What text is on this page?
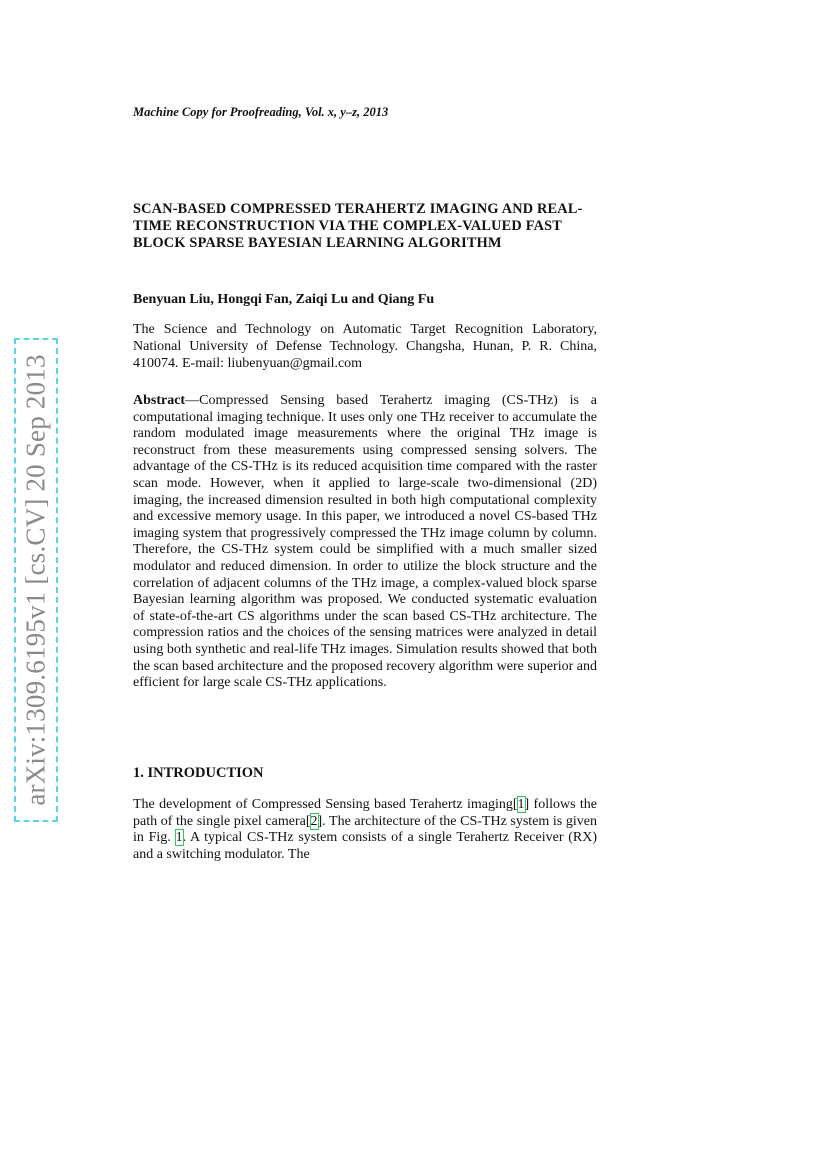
arXiv:1309.6195v1 [cs.CV] 20 Sep 2013
Machine Copy for Proofreading, Vol. x, y–z, 2013
SCAN-BASED COMPRESSED TERAHERTZ IMAGING AND REAL-TIME RECONSTRUCTION VIA THE COMPLEX-VALUED FAST BLOCK SPARSE BAYESIAN LEARNING ALGORITHM
Benyuan Liu, Hongqi Fan, Zaiqi Lu and Qiang Fu

The Science and Technology on Automatic Target Recognition Laboratory, National University of Defense Technology. Changsha, Hunan, P. R. China, 410074. E-mail: liubenyuan@gmail.com

Abstract—Compressed Sensing based Terahertz imaging (CS-THz) is a computational imaging technique. It uses only one THz receiver to accumulate the random modulated image measurements where the original THz image is reconstruct from these measurements using compressed sensing solvers. The advantage of the CS-THz is its reduced acquisition time compared with the raster scan mode. However, when it applied to large-scale two-dimensional (2D) imaging, the increased dimension resulted in both high computational complexity and excessive memory usage. In this paper, we introduced a novel CS-based THz imaging system that progressively compressed the THz image column by column. Therefore, the CS-THz system could be simplified with a much smaller sized modulator and reduced dimension. In order to utilize the block structure and the correlation of adjacent columns of the THz image, a complex-valued block sparse Bayesian learning algorithm was proposed. We conducted systematic evaluation of state-of-the-art CS algorithms under the scan based CS-THz architecture. The compression ratios and the choices of the sensing matrices were analyzed in detail using both synthetic and real-life THz images. Simulation results showed that both the scan based architecture and the proposed recovery algorithm were superior and efficient for large scale CS-THz applications.

1. INTRODUCTION

The development of Compressed Sensing based Terahertz imaging[1] follows the path of the single pixel camera[2]. The architecture of the CS-THz system is given in Fig. 1. A typical CS-THz system consists of a single Terahertz Receiver (RX) and a switching modulator. The
